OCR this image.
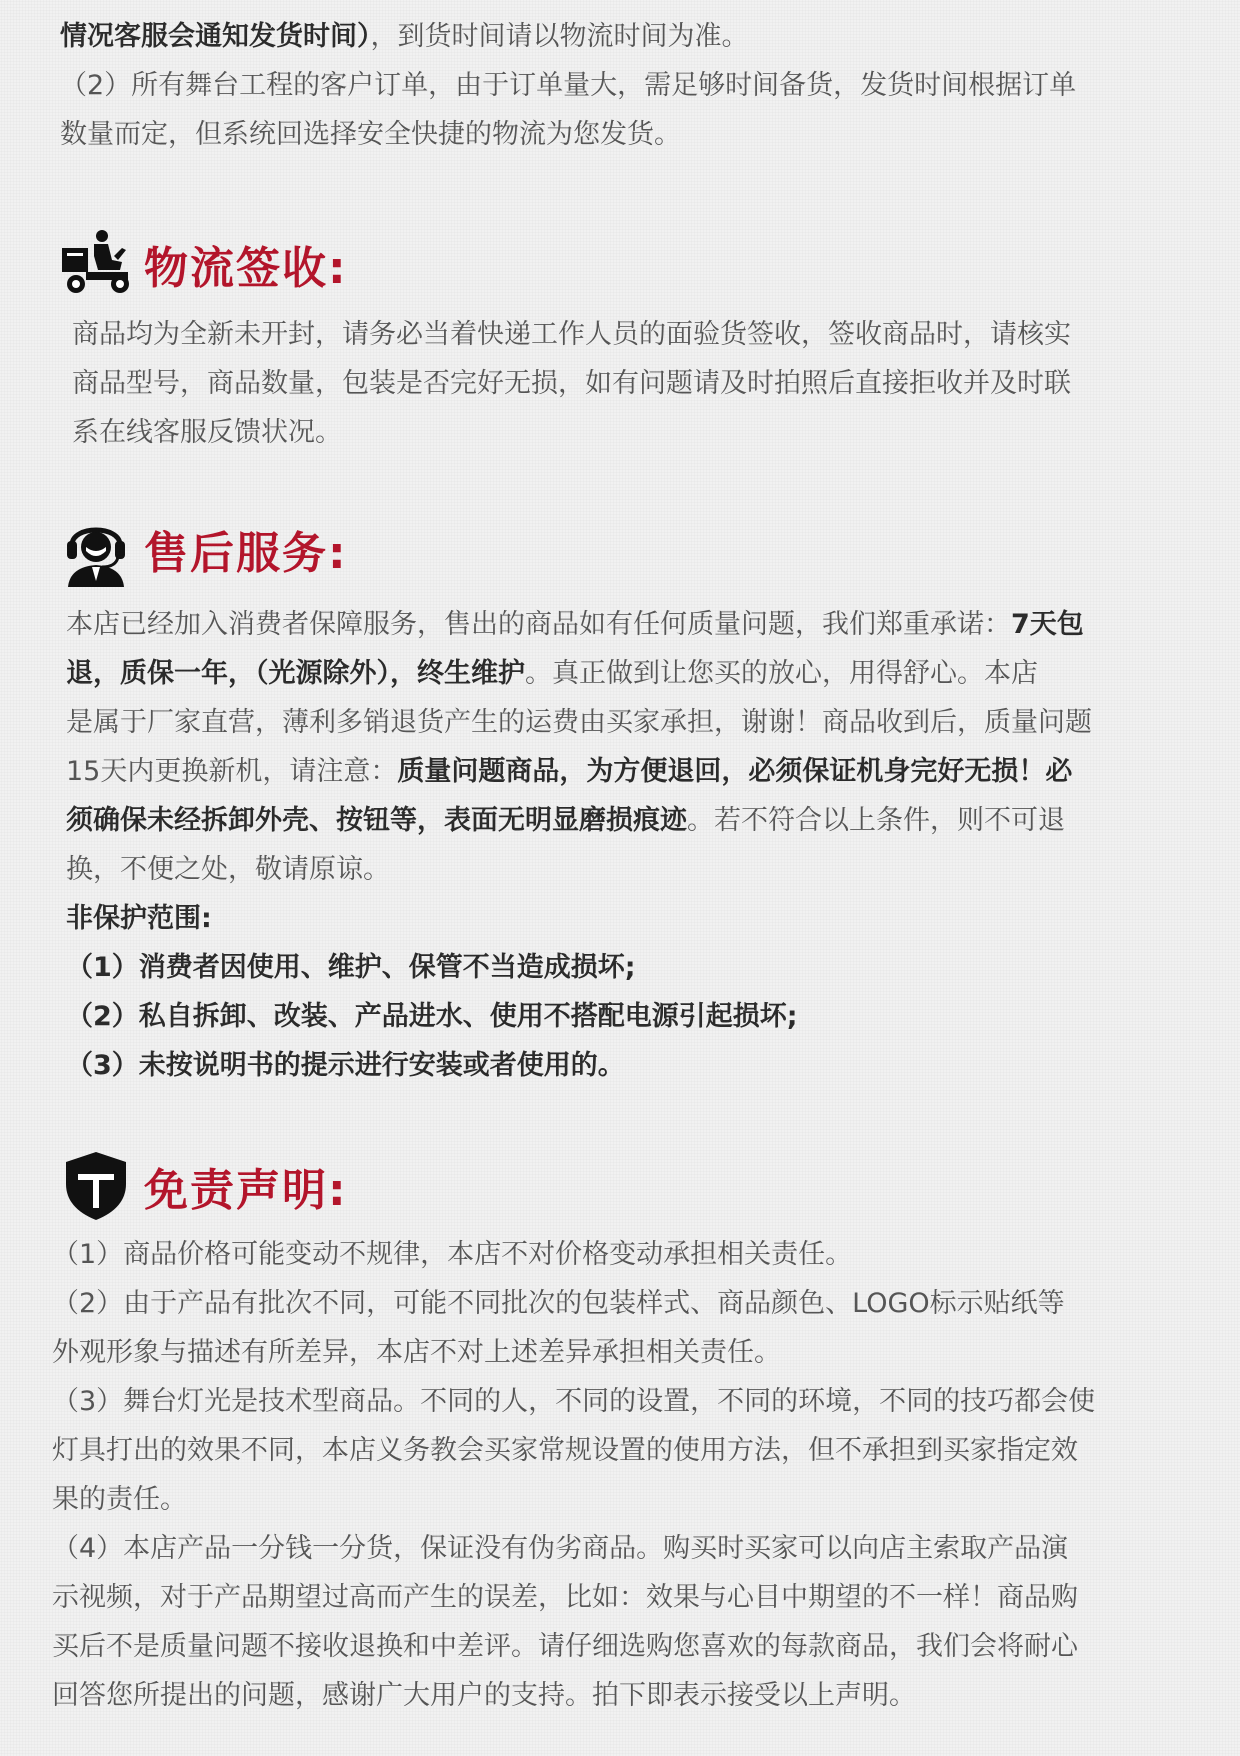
情况客服会通知发货时间），到货时间请以物流时间为准。
（2）所有舞台工程的客户订单，由于订单量大，需足够时间备货，发货时间根据订单
数量而定，但系统回选择安全快捷的物流为您发货。
物流签收:
商品均为全新未开封，请务必当着快递工作人员的面验货签收，签收商品时，请核实
商品型号，商品数量，包装是否完好无损，如有问题请及时拍照后直接拒收并及时联
系在线客服反馈状况。
售后服务:
本店已经加入消费者保障服务，售出的商品如有任何质量问题，我们郑重承诺：7天包
退，质保一年，（光源除外），终生维护。真正做到让您买的放心，用得舒心。本店
是属于厂家直营，薄利多销退货产生的运费由买家承担，谢谢！商品收到后，质量问题
15天内更换新机，请注意：质量问题商品，为方便退回，必须保证机身完好无损！必
须确保未经拆卸外壳、按钮等，表面无明显磨损痕迹。若不符合以上条件，则不可退
换，不便之处，敬请原谅。
非保护范围:
（1）消费者因使用、维护、保管不当造成损坏;
（2）私自拆卸、改装、产品进水、使用不搭配电源引起损坏;
（3）未按说明书的提示进行安装或者使用的。
免责声明:
（1）商品价格可能变动不规律，本店不对价格变动承担相关责任。
（2）由于产品有批次不同，可能不同批次的包装样式、商品颜色、LOGO标示贴纸等
外观形象与描述有所差异，本店不对上述差异承担相关责任。
（3）舞台灯光是技术型商品。不同的人，不同的设置，不同的环境，不同的技巧都会使
灯具打出的效果不同，本店义务教会买家常规设置的使用方法，但不承担到买家指定效
果的责任。
（4）本店产品一分钱一分货，保证没有伪劣商品。购买时买家可以向店主索取产品演
示视频，对于产品期望过高而产生的误差，比如：效果与心目中期望的不一样！商品购
买后不是质量问题不接收退换和中差评。请仔细选购您喜欢的每款商品，我们会将耐心
回答您所提出的问题，感谢广大用户的支持。拍下即表示接受以上声明。
